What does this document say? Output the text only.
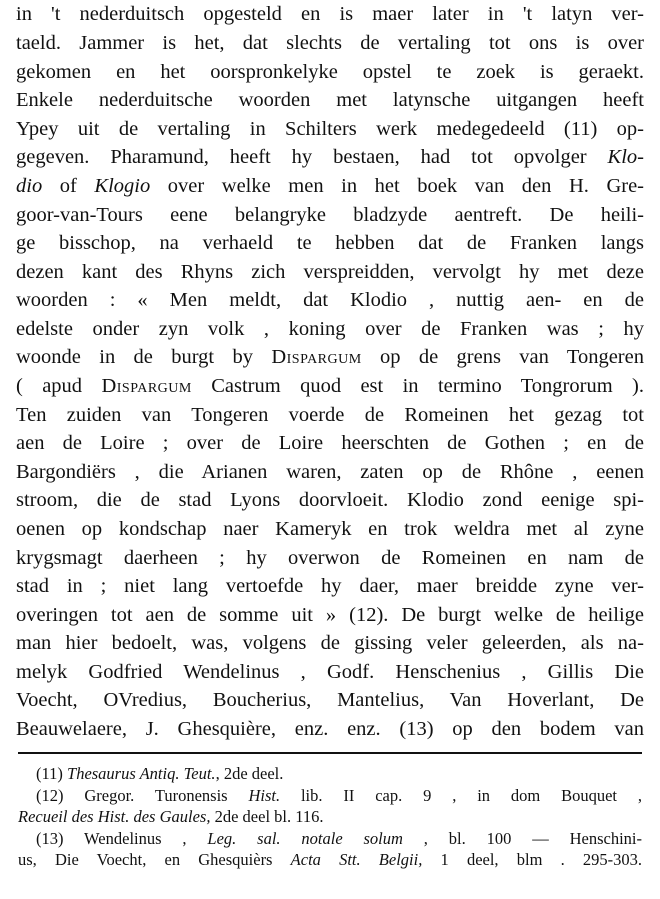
in 't nederduitsch opgesteld en is maer later in 't latyn ver-
taeld. Jammer is het, dat slechts de vertaling tot ons is over
gekomen en het oorspronkelyke opstel te zoek is geraekt.
Enkele nederduitsche woorden met latynsche uitgangen heeft
Ypey uit de vertaling in Schilters werk medegedeeld (11) op-
gegeven. Pharamund, heeft hy bestaen, had tot opvolger Klo-
dio of Klogio over welke men in het boek van den H. Gre-
goor-van-Tours eene belangryke bladzyde aentreft. De heili-
ge bisschop, na verhaeld te hebben dat de Franken langs
dezen kant des Rhyns zich verspreidden, vervolgt hy met deze
woorden : « Men meldt, dat Klodio , nuttig aen- en de
edelste onder zyn volk , koning over de Franken was ; hy
woonde in de burgt by Dispargum op de grens van Tongeren
( apud Dispargum Castrum quod est in termino Tongrorum ).
Ten zuiden van Tongeren voerde de Romeinen het gezag tot
aen de Loire ; over de Loire heerschten de Gothen ; en de
Bargondiërs , die Arianen waren, zaten op de Rhône , eenen
stroom, die de stad Lyons doorvloeit. Klodio zond eenige spi-
oenen op kondschap naer Kameryk en trok weldra met al zyne
krygsmagt daerheen ; hy overwon de Romeinen en nam de
stad in ; niet lang vertoefde hy daer, maer breidde zyne ver-
overingen tot aen de somme uit » (12). De burgt welke de heilige
man hier bedoelt, was, volgens de gissing veler geleerden, als na-
melyk Godfried Wendelinus , Godf. Henschenius , Gillis Die
Voecht, OVredius, Boucherius, Mantelius, Van Hoverlant, De
Beauwelaere, J. Ghesquière, enz. enz. (13) op den bodem van
(11) Thesaurus Antiq. Teut., 2de deel.
(12) Gregor. Turonensis Hist. lib. II cap. 9 , in dom Bouquet ,
Recueil des Hist. des Gaules, 2de deel bl. 116.
(13) Wendelinus , Leg. sal. notale solum , bl. 100 — Henschini-
us, Die Voecht, en Ghesquièrs Acta Stt. Belgii, 1 deel, blm . 295-303.
